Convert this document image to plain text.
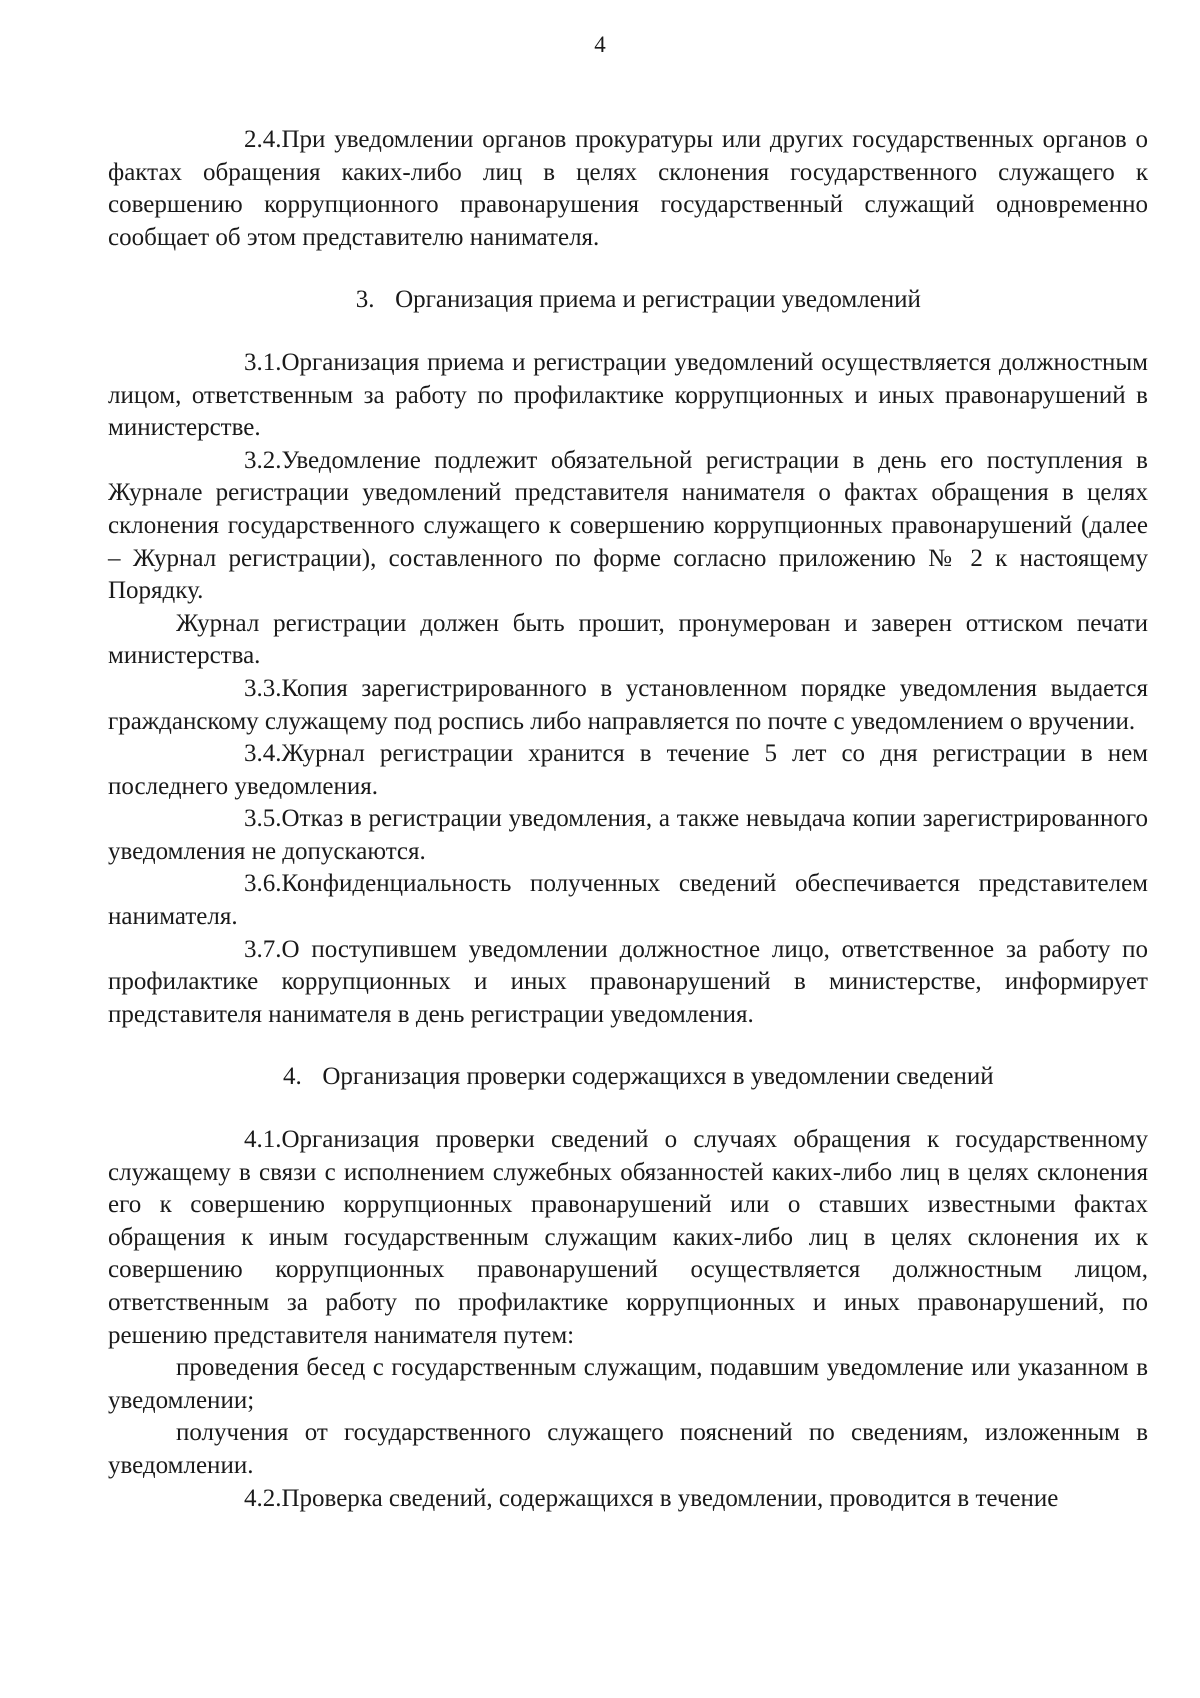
4

2.4.При уведомлении органов прокуратуры или других государственных органов о фактах обращения каких-либо лиц в целях склонения государственного служащего к совершению коррупционного правонарушения государственный служащий одновременно сообщает об этом представителю нанимателя.

3. Организация приема и регистрации уведомлений

3.1.Организация приема и регистрации уведомлений осуществляется должностным лицом, ответственным за работу по профилактике коррупционных и иных правонарушений в министерстве.

3.2.Уведомление подлежит обязательной регистрации в день его поступления в Журнале регистрации уведомлений представителя нанимателя о фактах обращения в целях склонения государственного служащего к совершению коррупционных правонарушений (далее – Журнал регистрации), составленного по форме согласно приложению № 2 к настоящему Порядку.

Журнал регистрации должен быть прошит, пронумерован и заверен оттиском печати министерства.

3.3.Копия зарегистрированного в установленном порядке уведомления выдается гражданскому служащему под роспись либо направляется по почте с уведомлением о вручении.

3.4.Журнал регистрации хранится в течение 5 лет со дня регистрации в нем последнего уведомления.

3.5.Отказ в регистрации уведомления, а также невыдача копии зарегистрированного уведомления не допускаются.

3.6.Конфиденциальность полученных сведений обеспечивается представителем нанимателя.

3.7.О поступившем уведомлении должностное лицо, ответственное за работу по профилактике коррупционных и иных правонарушений в министерстве, информирует представителя нанимателя в день регистрации уведомления.

4. Организация проверки содержащихся в уведомлении сведений

4.1.Организация проверки сведений о случаях обращения к государственному служащему в связи с исполнением служебных обязанностей каких-либо лиц в целях склонения его к совершению коррупционных правонарушений или о ставших известными фактах обращения к иным государственным служащим каких-либо лиц в целях склонения их к совершению коррупционных правонарушений осуществляется должностным лицом, ответственным за работу по профилактике коррупционных и иных правонарушений, по решению представителя нанимателя путем:

проведения бесед с государственным служащим, подавшим уведомление или указанном в уведомлении;

получения от государственного служащего пояснений по сведениям, изложенным в уведомлении.

4.2.Проверка сведений, содержащихся в уведомлении, проводится в течение
